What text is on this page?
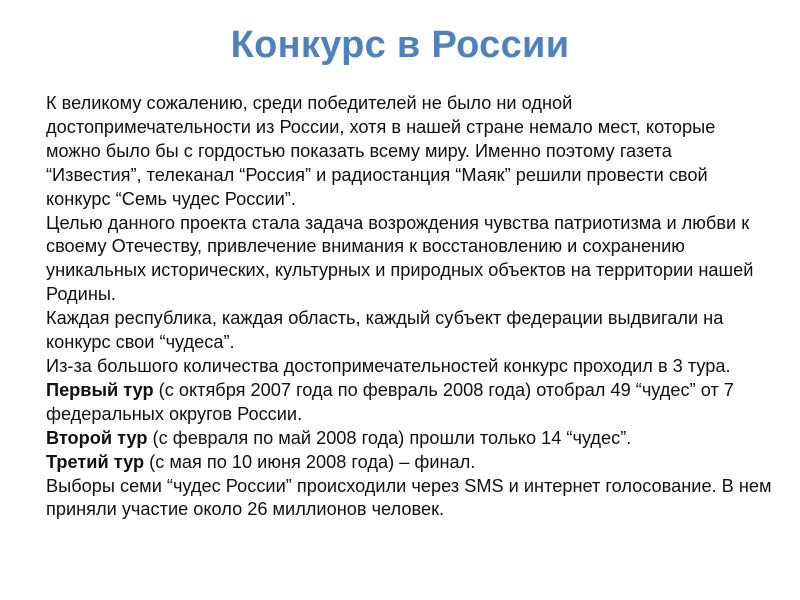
Конкурс в России

К великому сожалению, среди победителей не было ни одной достопримечательности из России, хотя в нашей стране немало мест, которые можно было бы с гордостью показать всему миру. Именно поэтому газета “Известия”, телеканал “Россия” и радиостанция “Маяк” решили провести свой конкурс “Семь чудес России”.

Целью данного проекта стала задача возрождения чувства патриотизма и любви к своему Отечеству, привлечение внимания к восстановлению и сохранению уникальных исторических, культурных и природных объектов на территории нашей Родины.

Каждая республика, каждая область, каждый субъект федерации выдвигали на конкурс свои “чудеса”.

Из-за большого количества достопримечательностей конкурс проходил в 3 тура.

Первый тур (с октября 2007 года по февраль 2008 года) отобрал 49 “чудес” от 7 федеральных округов России.

Второй тур (с февраля по май 2008 года) прошли только 14 “чудес”.

Третий тур (с мая по 10 июня 2008 года) – финал.

Выборы семи “чудес России” происходили через SMS и интернет голосование. В нем приняли участие около 26 миллионов человек.
